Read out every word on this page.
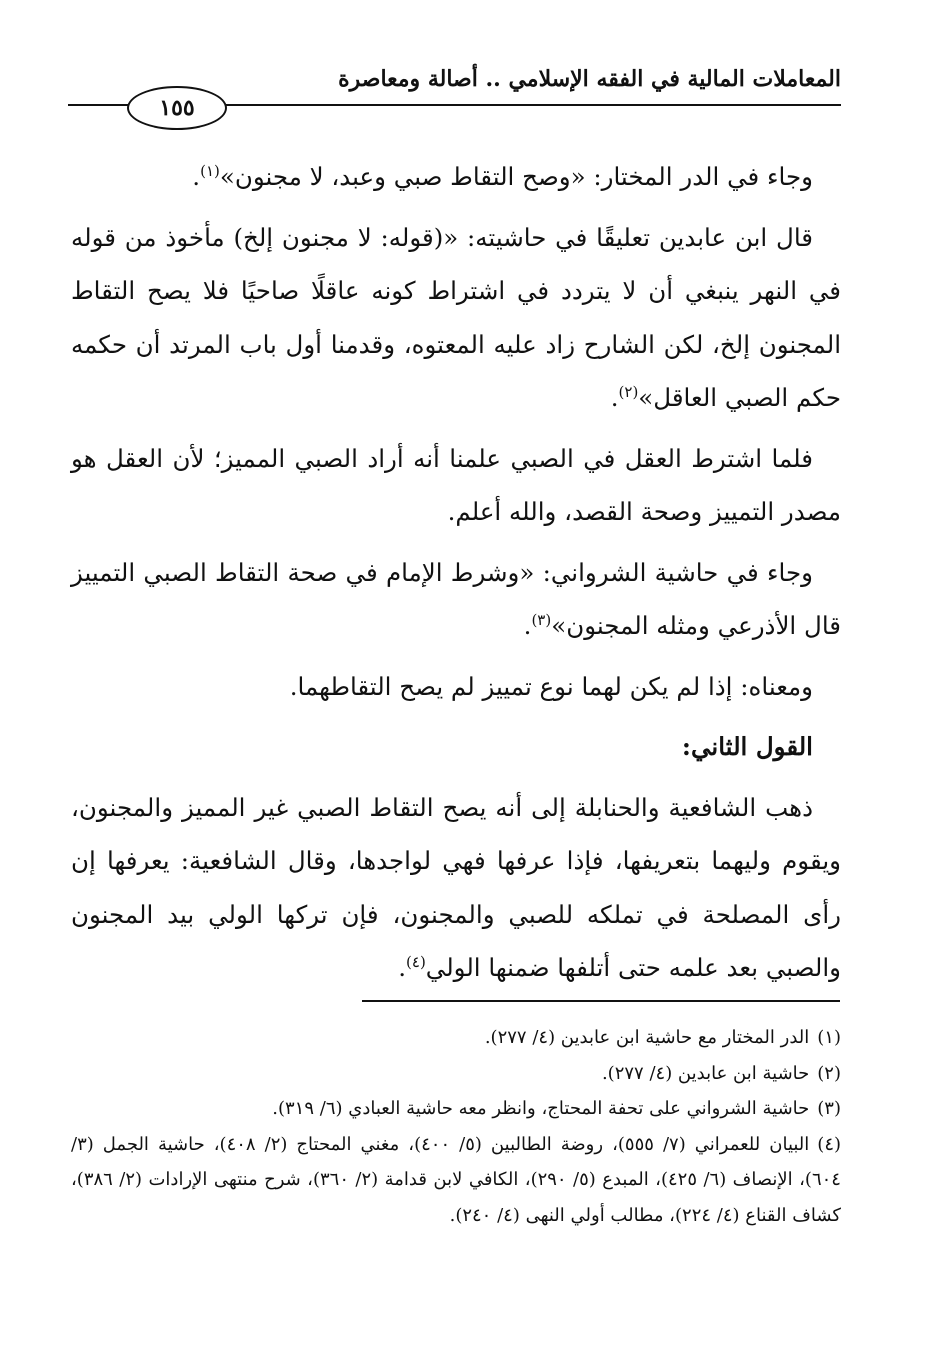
المعاملات المالية في الفقه الإسلامي .. أصالة ومعاصرة
١٥٥

وجاء في الدر المختار: «وصح التقاط صبي وعبد، لا مجنون»$^{(١)}$.

قال ابن عابدين تعليقًا في حاشيته: «(قوله: لا مجنون إلخ) مأخوذ من قوله في النهر ينبغي أن لا يتردد في اشتراط كونه عاقلًا صاحيًا فلا يصح التقاط المجنون إلخ، لكن الشارح زاد عليه المعتوه، وقدمنا أول باب المرتد أن حكمه حكم الصبي العاقل»$^{(٢)}$.

فلما اشترط العقل في الصبي علمنا أنه أراد الصبي المميز؛ لأن العقل هو مصدر التمييز وصحة القصد، والله أعلم.

وجاء في حاشية الشرواني: «وشرط الإمام في صحة التقاط الصبي التمييز قال الأذرعي ومثله المجنون»$^{(٣)}$.

ومعناه: إذا لم يكن لهما نوع تمييز لم يصح التقاطهما.

القول الثاني:

ذهب الشافعية والحنابلة إلى أنه يصح التقاط الصبي غير المميز والمجنون، ويقوم وليهما بتعريفها، فإذا عرفها فهي لواجدها، وقال الشافعية: يعرفها إن رأى المصلحة في تملكه للصبي والمجنون، فإن تركها الولي بيد المجنون والصبي بعد علمه حتى أتلفها ضمنها الولي$^{(٤)}$.

(١)الدر المختار مع حاشية ابن عابدين (٤/ ٢٧٧).

(٢)حاشية ابن عابدين (٤/ ٢٧٧).

(٣)حاشية الشرواني على تحفة المحتاج، وانظر معه حاشية العبادي (٦/ ٣١٩).

(٤)البيان للعمراني (٧/ ٥٥٥)، روضة الطالبين (٥/ ٤٠٠)، مغني المحتاج (٢/ ٤٠٨)، حاشية الجمل (٣/ ٦٠٤)، الإنصاف (٦/ ٤٢٥)، المبدع (٥/ ٢٩٠)، الكافي لابن قدامة (٢/ ٣٦٠)، شرح منتهى الإرادات (٢/ ٣٨٦)، كشاف القناع (٤/ ٢٢٤)، مطالب أولي النهى (٤/ ٢٤٠).
